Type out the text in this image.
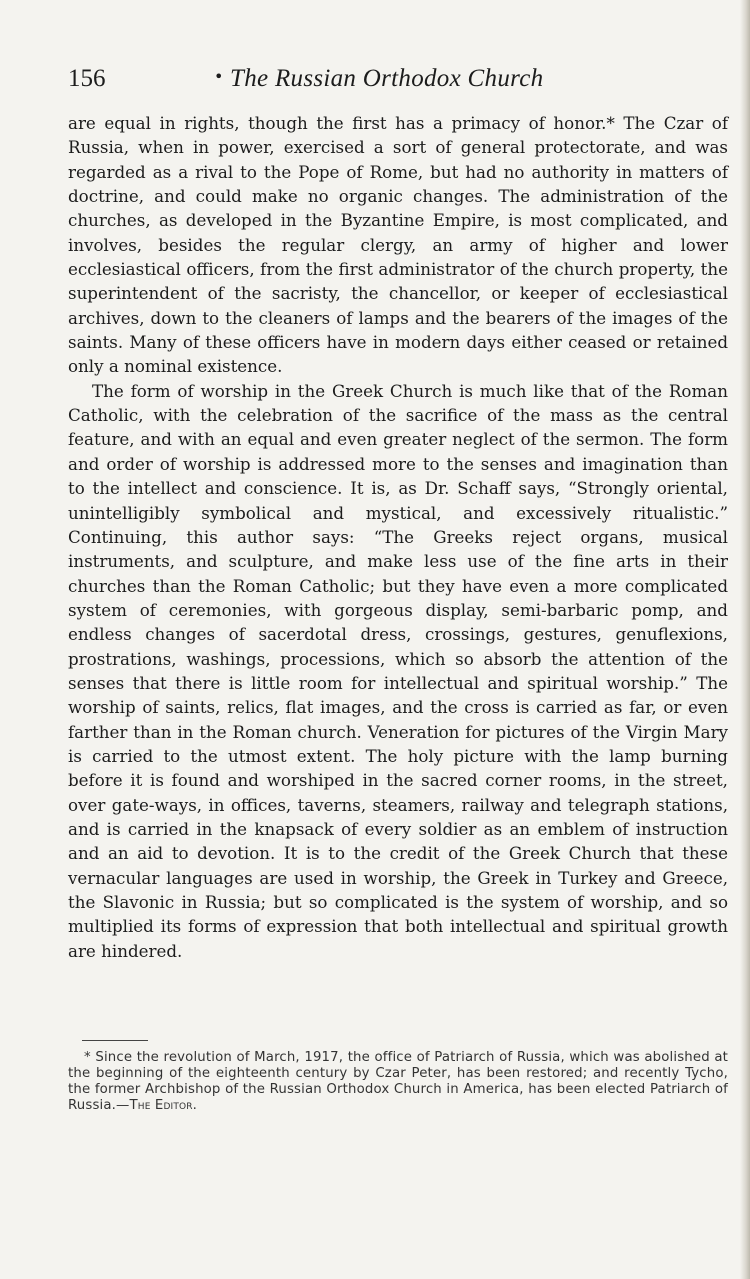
156	• The Russian Orthodox Church

are equal in rights, though the first has a primacy of honor.* The Czar of Russia, when in power, exercised a sort of general protectorate, and was regarded as a rival to the Pope of Rome, but had no authority in matters of doctrine, and could make no organic changes. The administration of the churches, as developed in the Byzantine Empire, is most complicated, and involves, besides the regular clergy, an army of higher and lower ecclesiastical officers, from the first administrator of the church property, the superintendent of the sacristy, the chancellor, or keeper of ecclesiastical archives, down to the cleaners of lamps and the bearers of the images of the saints. Many of these officers have in modern days either ceased or retained only a nominal existence.

The form of worship in the Greek Church is much like that of the Roman Catholic, with the celebration of the sacrifice of the mass as the central feature, and with an equal and even greater neglect of the sermon. The form and order of worship is addressed more to the senses and imagination than to the intellect and conscience. It is, as Dr. Schaff says, “Strongly oriental, unintelligibly symbolical and mystical, and excessively ritualistic.” Continuing, this author says: “The Greeks reject organs, musical instruments, and sculpture, and make less use of the fine arts in their churches than the Roman Catholic; but they have even a more complicated system of ceremonies, with gorgeous display, semi-barbaric pomp, and endless changes of sacerdotal dress, crossings, gestures, genuflexions, prostrations, washings, processions, which so absorb the attention of the senses that there is little room for intellectual and spiritual worship.” The worship of saints, relics, flat images, and the cross is carried as far, or even farther than in the Roman church. Veneration for pictures of the Virgin Mary is carried to the utmost extent. The holy picture with the lamp burning before it is found and worshiped in the sacred corner rooms, in the street, over gate-ways, in offices, taverns, steamers, railway and telegraph stations, and is carried in the knapsack of every soldier as an emblem of instruction and an aid to devotion. It is to the credit of the Greek Church that these vernacular languages are used in worship, the Greek in Turkey and Greece, the Slavonic in Russia; but so complicated is the system of worship, and so multiplied its forms of expression that both intellectual and spiritual growth are hindered.

* Since the revolution of March, 1917, the office of Patriarch of Russia, which was abolished at the beginning of the eighteenth century by Czar Peter, has been restored; and recently Tycho, the former Archbishop of the Russian Orthodox Church in America, has been elected Patriarch of Russia.—The Editor.
